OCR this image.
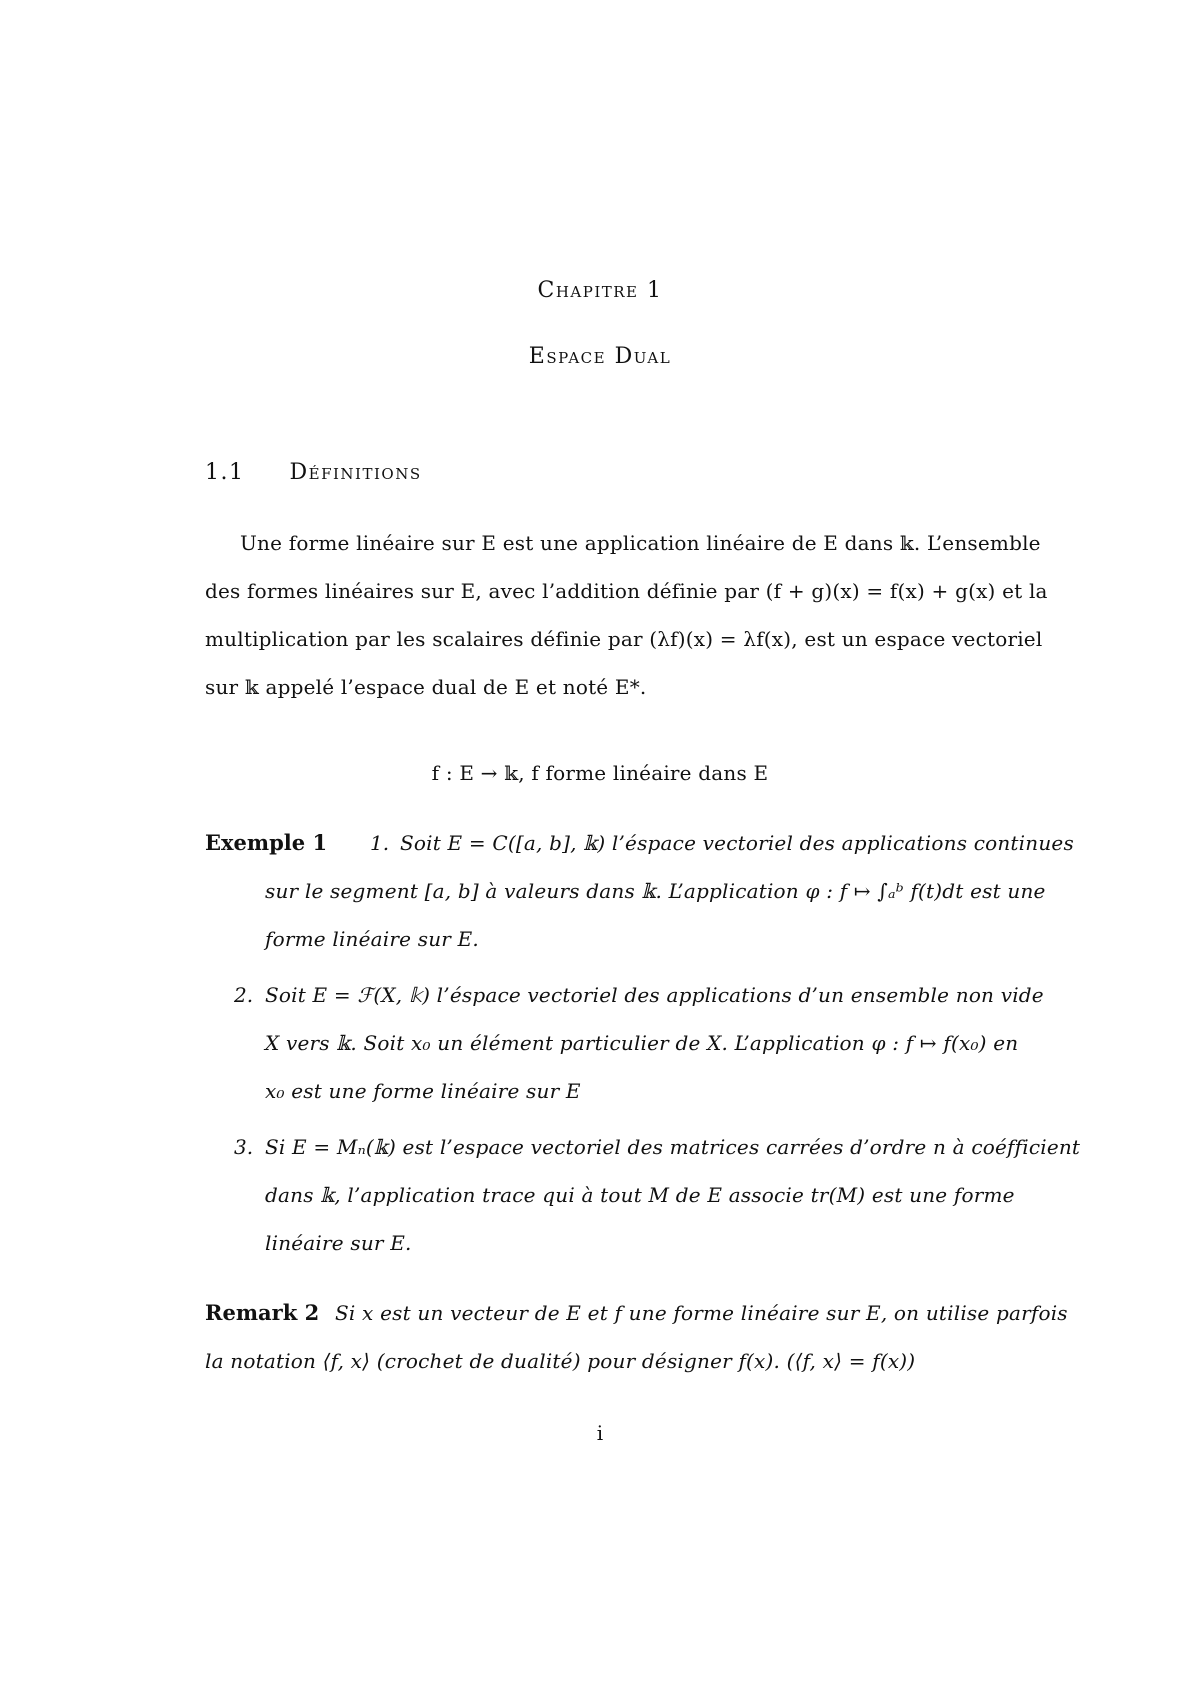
Chapitre 1
Espace Dual
1.1 Définitions
Une forme linéaire sur E est une application linéaire de E dans 𝕜. L’ensemble
des formes linéaires sur E, avec l’addition définie par (f + g)(x) = f(x) + g(x) et la
multiplication par les scalaires définie par (λf)(x) = λf(x), est un espace vectoriel
sur 𝕜 appelé l’espace dual de E et noté E*.
f : E → 𝕜, f forme linéaire dans E
Exemple 1 1. Soit E = C([a, b], 𝕜) l’éspace vectoriel des applications continues
sur le segment [a, b] à valeurs dans 𝕜. L’application φ : f ↦ ∫ₐᵇ f(t)dt est une
forme linéaire sur E.
2. Soit E = ℱ(X, 𝕜) l’éspace vectoriel des applications d’un ensemble non vide
X vers 𝕜. Soit x₀ un élément particulier de X. L’application φ : f ↦ f(x₀) en
x₀ est une forme linéaire sur E
3. Si E = Mₙ(𝕜) est l’espace vectoriel des matrices carrées d’ordre n à coéfficient
dans 𝕜, l’application trace qui à tout M de E associe tr(M) est une forme
linéaire sur E.
Remark 2 Si x est un vecteur de E et f une forme linéaire sur E, on utilise parfois
la notation ⟨f, x⟩ (crochet de dualité) pour désigner f(x). (⟨f, x⟩ = f(x))
i
